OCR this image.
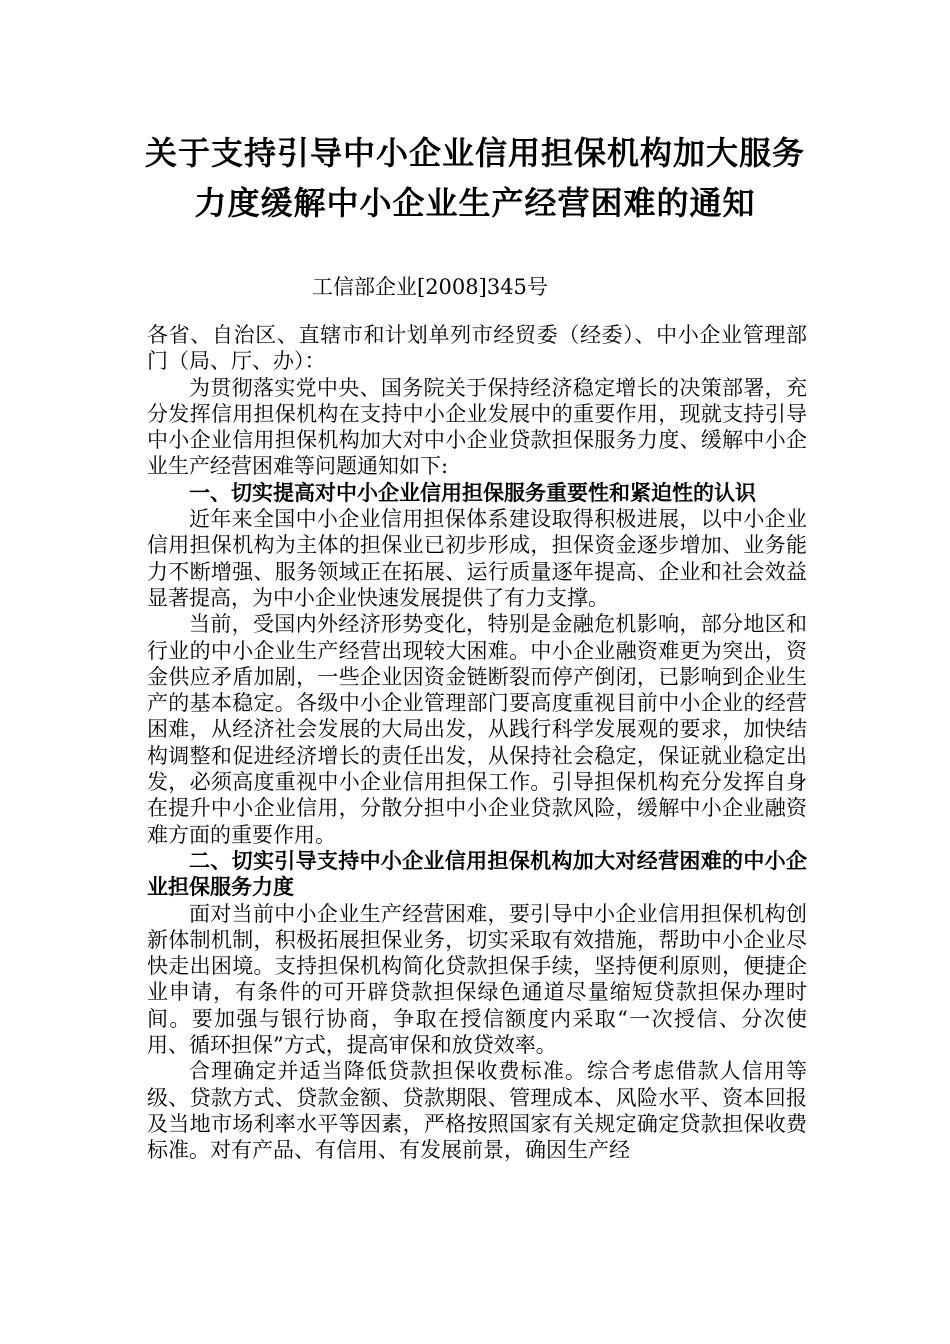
关于支持引导中小企业信用担保机构加大服务力度缓解中小企业生产经营困难的通知
工信部企业[2008]345号

各省、自治区、直辖市和计划单列市经贸委（经委）、中小企业管理部门（局、厅、办）：

为贯彻落实党中央、国务院关于保持经济稳定增长的决策部署，充分发挥信用担保机构在支持中小企业发展中的重要作用，现就支持引导中小企业信用担保机构加大对中小企业贷款担保服务力度、缓解中小企业生产经营困难等问题通知如下:

一、切实提高对中小企业信用担保服务重要性和紧迫性的认识

近年来全国中小企业信用担保体系建设取得积极进展，以中小企业信用担保机构为主体的担保业已初步形成，担保资金逐步增加、业务能力不断增强、服务领域正在拓展、运行质量逐年提高、企业和社会效益显著提高，为中小企业快速发展提供了有力支撑。

当前，受国内外经济形势变化，特别是金融危机影响，部分地区和行业的中小企业生产经营出现较大困难。中小企业融资难更为突出，资金供应矛盾加剧，一些企业因资金链断裂而停产倒闭，已影响到企业生产的基本稳定。各级中小企业管理部门要高度重视目前中小企业的经营困难，从经济社会发展的大局出发，从践行科学发展观的要求，加快结构调整和促进经济增长的责任出发，从保持社会稳定，保证就业稳定出发，必须高度重视中小企业信用担保工作。引导担保机构充分发挥自身在提升中小企业信用，分散分担中小企业贷款风险，缓解中小企业融资难方面的重要作用。

二、切实引导支持中小企业信用担保机构加大对经营困难的中小企业担保服务力度

面对当前中小企业生产经营困难，要引导中小企业信用担保机构创新体制机制，积极拓展担保业务，切实采取有效措施，帮助中小企业尽快走出困境。支持担保机构简化贷款担保手续，坚持便利原则，便捷企业申请，有条件的可开辟贷款担保绿色通道尽量缩短贷款担保办理时间。要加强与银行协商，争取在授信额度内采取“一次授信、分次使用、循环担保”方式，提高审保和放贷效率。

合理确定并适当降低贷款担保收费标准。综合考虑借款人信用等级、贷款方式、贷款金额、贷款期限、管理成本、风险水平、资本回报及当地市场利率水平等因素，严格按照国家有关规定确定贷款担保收费标准。对有产品、有信用、有发展前景，确因生产经
